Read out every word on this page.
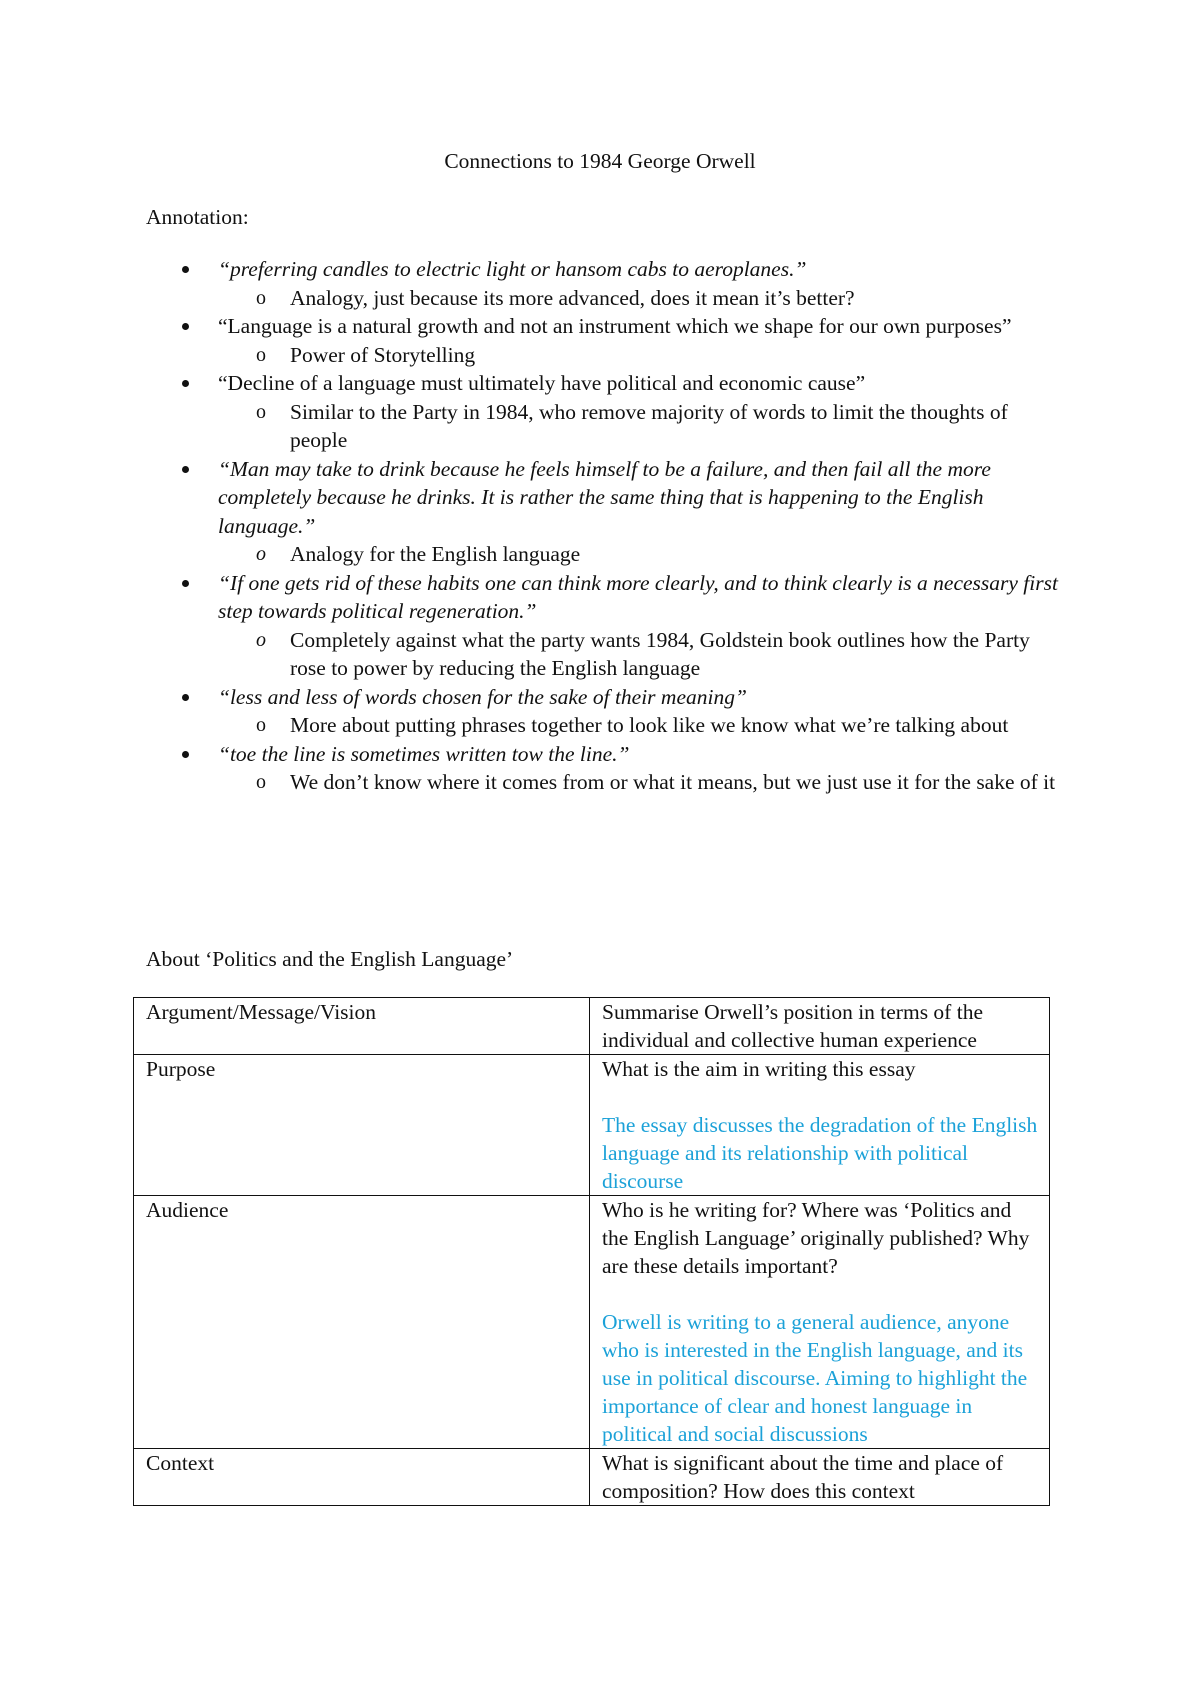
Connections to 1984 George Orwell
Annotation:
“preferring candles to electric light or hansom cabs to aeroplanes.”
o Analogy, just because its more advanced, does it mean it’s better?
“Language is a natural growth and not an instrument which we shape for our own purposes”
o Power of Storytelling
“Decline of a language must ultimately have political and economic cause”
o Similar to the Party in 1984, who remove majority of words to limit the thoughts of people
“Man may take to drink because he feels himself to be a failure, and then fail all the more completely because he drinks. It is rather the same thing that is happening to the English language.”
o Analogy for the English language
“If one gets rid of these habits one can think more clearly, and to think clearly is a necessary first step towards political regeneration.”
o Completely against what the party wants 1984, Goldstein book outlines how the Party rose to power by reducing the English language
“less and less of words chosen for the sake of their meaning”
o More about putting phrases together to look like we know what we’re talking about
“toe the line is sometimes written tow the line.”
o We don’t know where it comes from or what it means, but we just use it for the sake of it
About ‘Politics and the English Language’
Argument/Message/Vision	Summarise Orwell’s position in terms of the individual and collective human experience

Purpose	What is the aim in writing this essay
The essay discusses the degradation of the English language and its relationship with political discourse

Audience	Who is he writing for? Where was ‘Politics and the English Language’ originally published? Why are these details important?
Orwell is writing to a general audience, anyone who is interested in the English language, and its use in political discourse. Aiming to highlight the importance of clear and honest language in political and social discussions

Context	What is significant about the time and place of composition? How does this context
